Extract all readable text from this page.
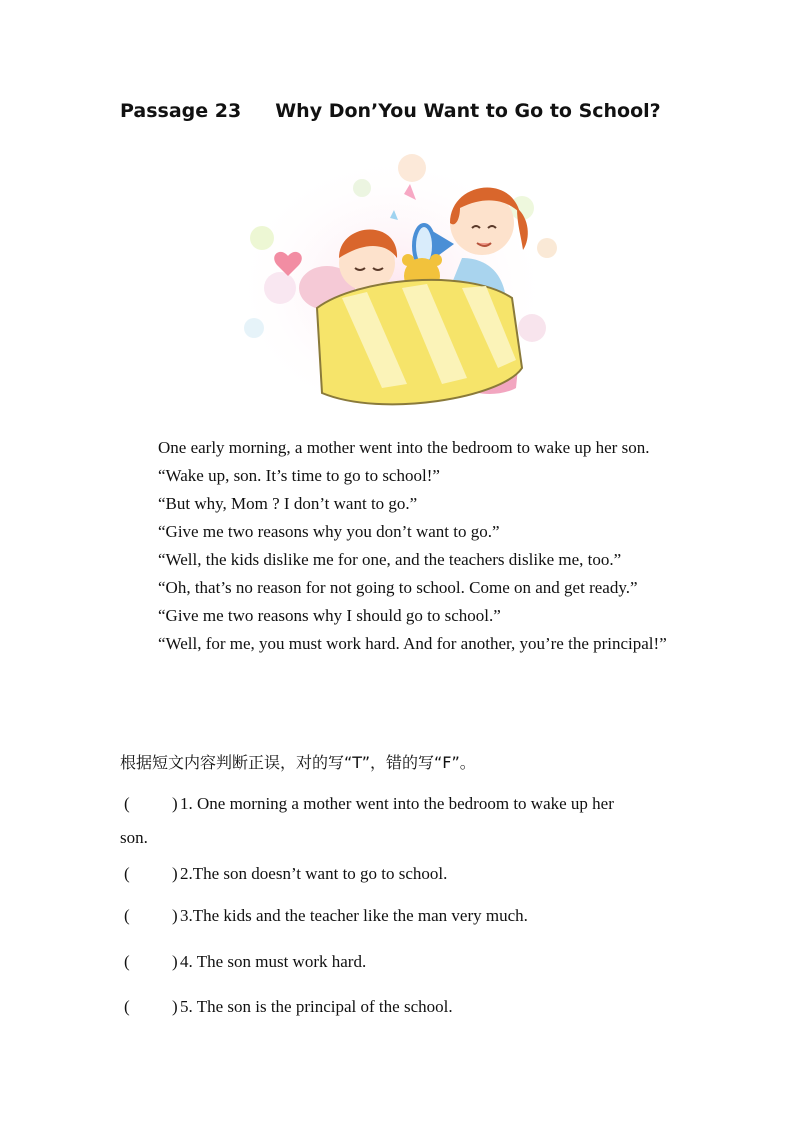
Passage 23 Why Don’You Want to Go to School?

One early morning, a mother went into the bedroom to wake up her son.

“Wake up, son. It’s time to go to school!”

“But why, Mom ? I don’t want to go.”

“Give me two reasons why you don’t want to go.”

“Well, the kids dislike me for one, and the teachers dislike me, too.”

“Oh, that’s no reason for not going to school. Come on and get ready.”

“Give me two reasons why I should go to school.”

“Well, for me, you must work hard. And for another, you’re the principal!”

根据短文内容判断正误，对的写“T”，错的写“F”。
( ) 1. One morning a mother went into the bedroom to wake up her
son.
( ) 2.The son doesn’t want to go to school.
( ) 3.The kids and the teacher like the man very much.
( ) 4. The son must work hard.
( ) 5. The son is the principal of the school.
